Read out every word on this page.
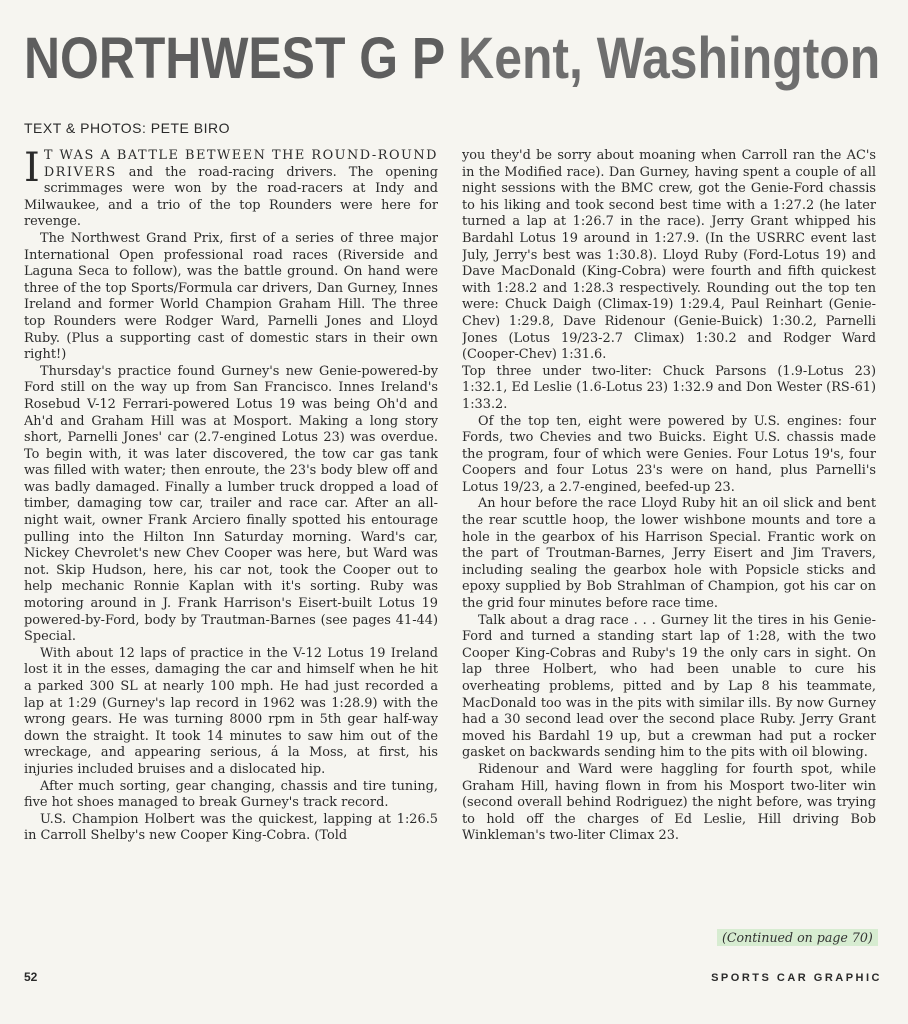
NORTHWEST G P Kent, Washington
TEXT & PHOTOS: PETE BIRO

I T WAS A BATTLE BETWEEN THE ROUND-ROUND DRIVERS and the road-racing drivers. The opening scrimmages were won by the road-racers at Indy and Milwaukee, and a trio of the top Rounders were here for revenge.

The Northwest Grand Prix, first of a series of three major International Open professional road races (Riverside and Laguna Seca to follow), was the battle ground. On hand were three of the top Sports/Formula car drivers, Dan Gurney, Innes Ireland and former World Champion Graham Hill. The three top Rounders were Rodger Ward, Parnelli Jones and Lloyd Ruby. (Plus a supporting cast of domestic stars in their own right!)

Thursday's practice found Gurney's new Genie-powered-by Ford still on the way up from San Francisco. Innes Ireland's Rosebud V-12 Ferrari-powered Lotus 19 was being Oh'd and Ah'd and Graham Hill was at Mosport. Making a long story short, Parnelli Jones' car (2.7-engined Lotus 23) was overdue. To begin with, it was later discovered, the tow car gas tank was filled with water; then enroute, the 23's body blew off and was badly damaged. Finally a lumber truck dropped a load of timber, damaging tow car, trailer and race car. After an all-night wait, owner Frank Arciero finally spotted his entourage pulling into the Hilton Inn Saturday morning. Ward's car, Nickey Chevrolet's new Chev Cooper was here, but Ward was not. Skip Hudson, here, his car not, took the Cooper out to help mechanic Ronnie Kaplan with it's sorting. Ruby was motoring around in J. Frank Harrison's Eisert-built Lotus 19 powered-by-Ford, body by Trautman-Barnes (see pages 41-44) Special.

With about 12 laps of practice in the V-12 Lotus 19 Ireland lost it in the esses, damaging the car and himself when he hit a parked 300 SL at nearly 100 mph. He had just recorded a lap at 1:29 (Gurney's lap record in 1962 was 1:28.9) with the wrong gears. He was turning 8000 rpm in 5th gear half-way down the straight. It took 14 minutes to saw him out of the wreckage, and appearing serious, á la Moss, at first, his injuries included bruises and a dislocated hip.

After much sorting, gear changing, chassis and tire tuning, five hot shoes managed to break Gurney's track record.

U.S. Champion Holbert was the quickest, lapping at 1:26.5 in Carroll Shelby's new Cooper King-Cobra. (Told

you they'd be sorry about moaning when Carroll ran the AC's in the Modified race). Dan Gurney, having spent a couple of all night sessions with the BMC crew, got the Genie-Ford chassis to his liking and took second best time with a 1:27.2 (he later turned a lap at 1:26.7 in the race). Jerry Grant whipped his Bardahl Lotus 19 around in 1:27.9. (In the USRRC event last July, Jerry's best was 1:30.8). Lloyd Ruby (Ford-Lotus 19) and Dave MacDonald (King-Cobra) were fourth and fifth quickest with 1:28.2 and 1:28.3 respectively. Rounding out the top ten were: Chuck Daigh (Climax-19) 1:29.4, Paul Reinhart (Genie-Chev) 1:29.8, Dave Ridenour (Genie-Buick) 1:30.2, Parnelli Jones (Lotus 19/23-2.7 Climax) 1:30.2 and Rodger Ward (Cooper-Chev) 1:31.6.

Top three under two-liter: Chuck Parsons (1.9-Lotus 23) 1:32.1, Ed Leslie (1.6-Lotus 23) 1:32.9 and Don Wester (RS-61) 1:33.2.

Of the top ten, eight were powered by U.S. engines: four Fords, two Chevies and two Buicks. Eight U.S. chassis made the program, four of which were Genies. Four Lotus 19's, four Coopers and four Lotus 23's were on hand, plus Parnelli's Lotus 19/23, a 2.7-engined, beefed-up 23.

An hour before the race Lloyd Ruby hit an oil slick and bent the rear scuttle hoop, the lower wishbone mounts and tore a hole in the gearbox of his Harrison Special. Frantic work on the part of Troutman-Barnes, Jerry Eisert and Jim Travers, including sealing the gearbox hole with Popsicle sticks and epoxy supplied by Bob Strahlman of Champion, got his car on the grid four minutes before race time.

Talk about a drag race . . . Gurney lit the tires in his Genie-Ford and turned a standing start lap of 1:28, with the two Cooper King-Cobras and Ruby's 19 the only cars in sight. On lap three Holbert, who had been unable to cure his overheating problems, pitted and by Lap 8 his teammate, MacDonald too was in the pits with similar ills. By now Gurney had a 30 second lead over the second place Ruby. Jerry Grant moved his Bardahl 19 up, but a crewman had put a rocker gasket on backwards sending him to the pits with oil blowing.

Ridenour and Ward were haggling for fourth spot, while Graham Hill, having flown in from his Mosport two-liter win (second overall behind Rodriguez) the night before, was trying to hold off the charges of Ed Leslie, Hill driving Bob Winkleman's two-liter Climax 23.

(Continued on page 70)
52	SPORTS CAR GRAPHIC
